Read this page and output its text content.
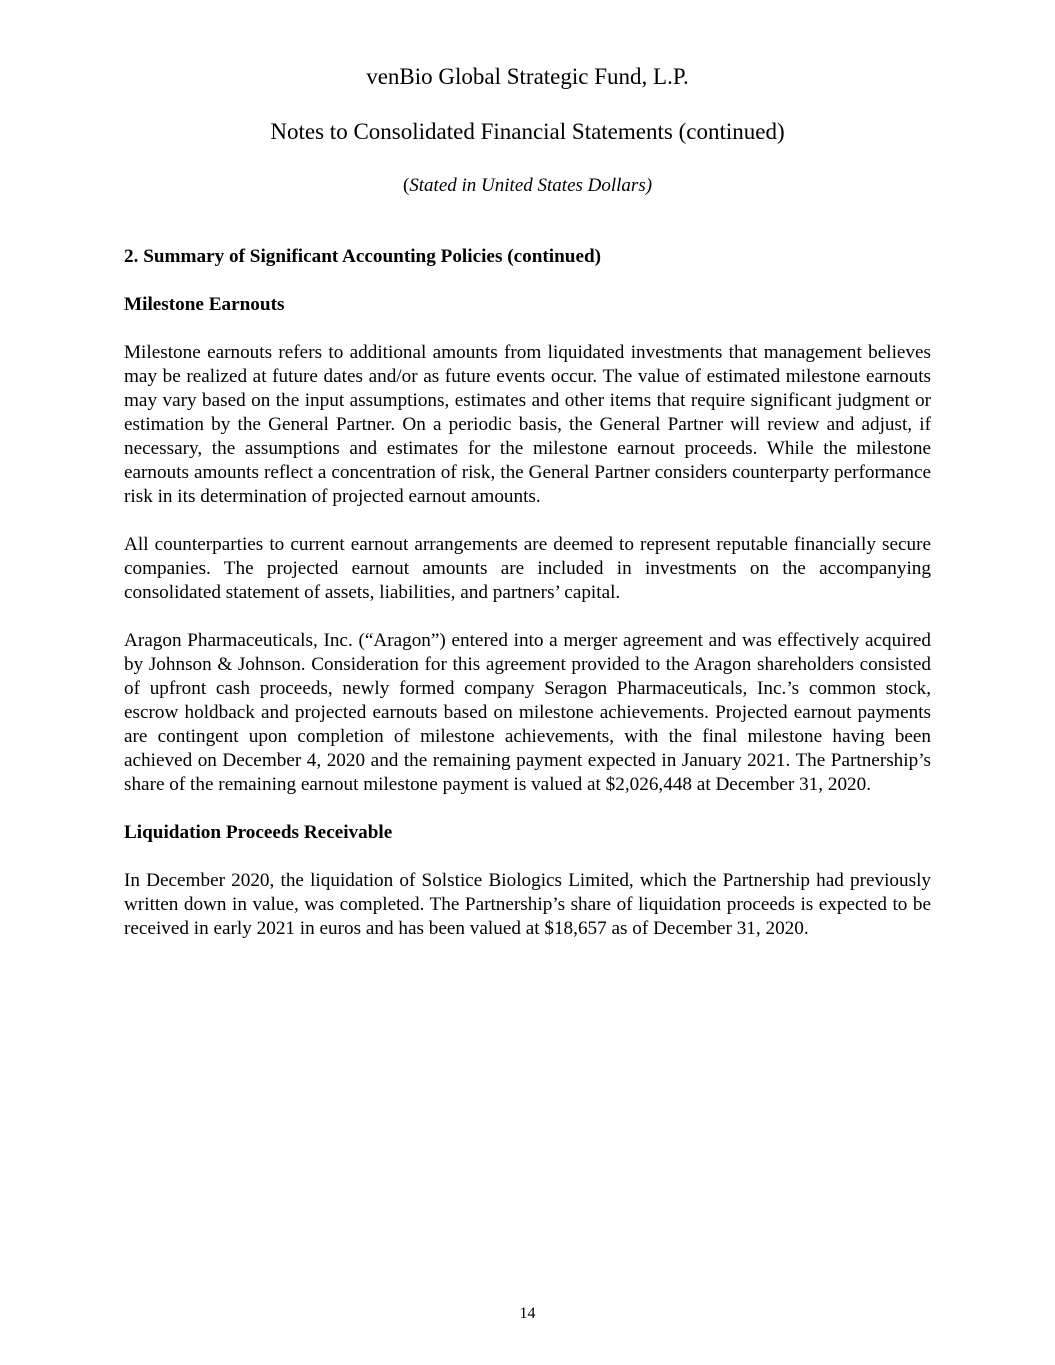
venBio Global Strategic Fund, L.P.
Notes to Consolidated Financial Statements (continued)
(Stated in United States Dollars)
2. Summary of Significant Accounting Policies (continued)
Milestone Earnouts

Milestone earnouts refers to additional amounts from liquidated investments that management believes may be realized at future dates and/or as future events occur. The value of estimated milestone earnouts may vary based on the input assumptions, estimates and other items that require significant judgment or estimation by the General Partner. On a periodic basis, the General Partner will review and adjust, if necessary, the assumptions and estimates for the milestone earnout proceeds. While the milestone earnouts amounts reflect a concentration of risk, the General Partner considers counterparty performance risk in its determination of projected earnout amounts.

All counterparties to current earnout arrangements are deemed to represent reputable financially secure companies. The projected earnout amounts are included in investments on the accompanying consolidated statement of assets, liabilities, and partners’ capital.

Aragon Pharmaceuticals, Inc. (“Aragon”) entered into a merger agreement and was effectively acquired by Johnson & Johnson. Consideration for this agreement provided to the Aragon shareholders consisted of upfront cash proceeds, newly formed company Seragon Pharmaceuticals, Inc.’s common stock, escrow holdback and projected earnouts based on milestone achievements. Projected earnout payments are contingent upon completion of milestone achievements, with the final milestone having been achieved on December 4, 2020 and the remaining payment expected in January 2021. The Partnership’s share of the remaining earnout milestone payment is valued at $2,026,448 at December 31, 2020.

Liquidation Proceeds Receivable

In December 2020, the liquidation of Solstice Biologics Limited, which the Partnership had previously written down in value, was completed. The Partnership’s share of liquidation proceeds is expected to be received in early 2021 in euros and has been valued at $18,657 as of December 31, 2020.

14
